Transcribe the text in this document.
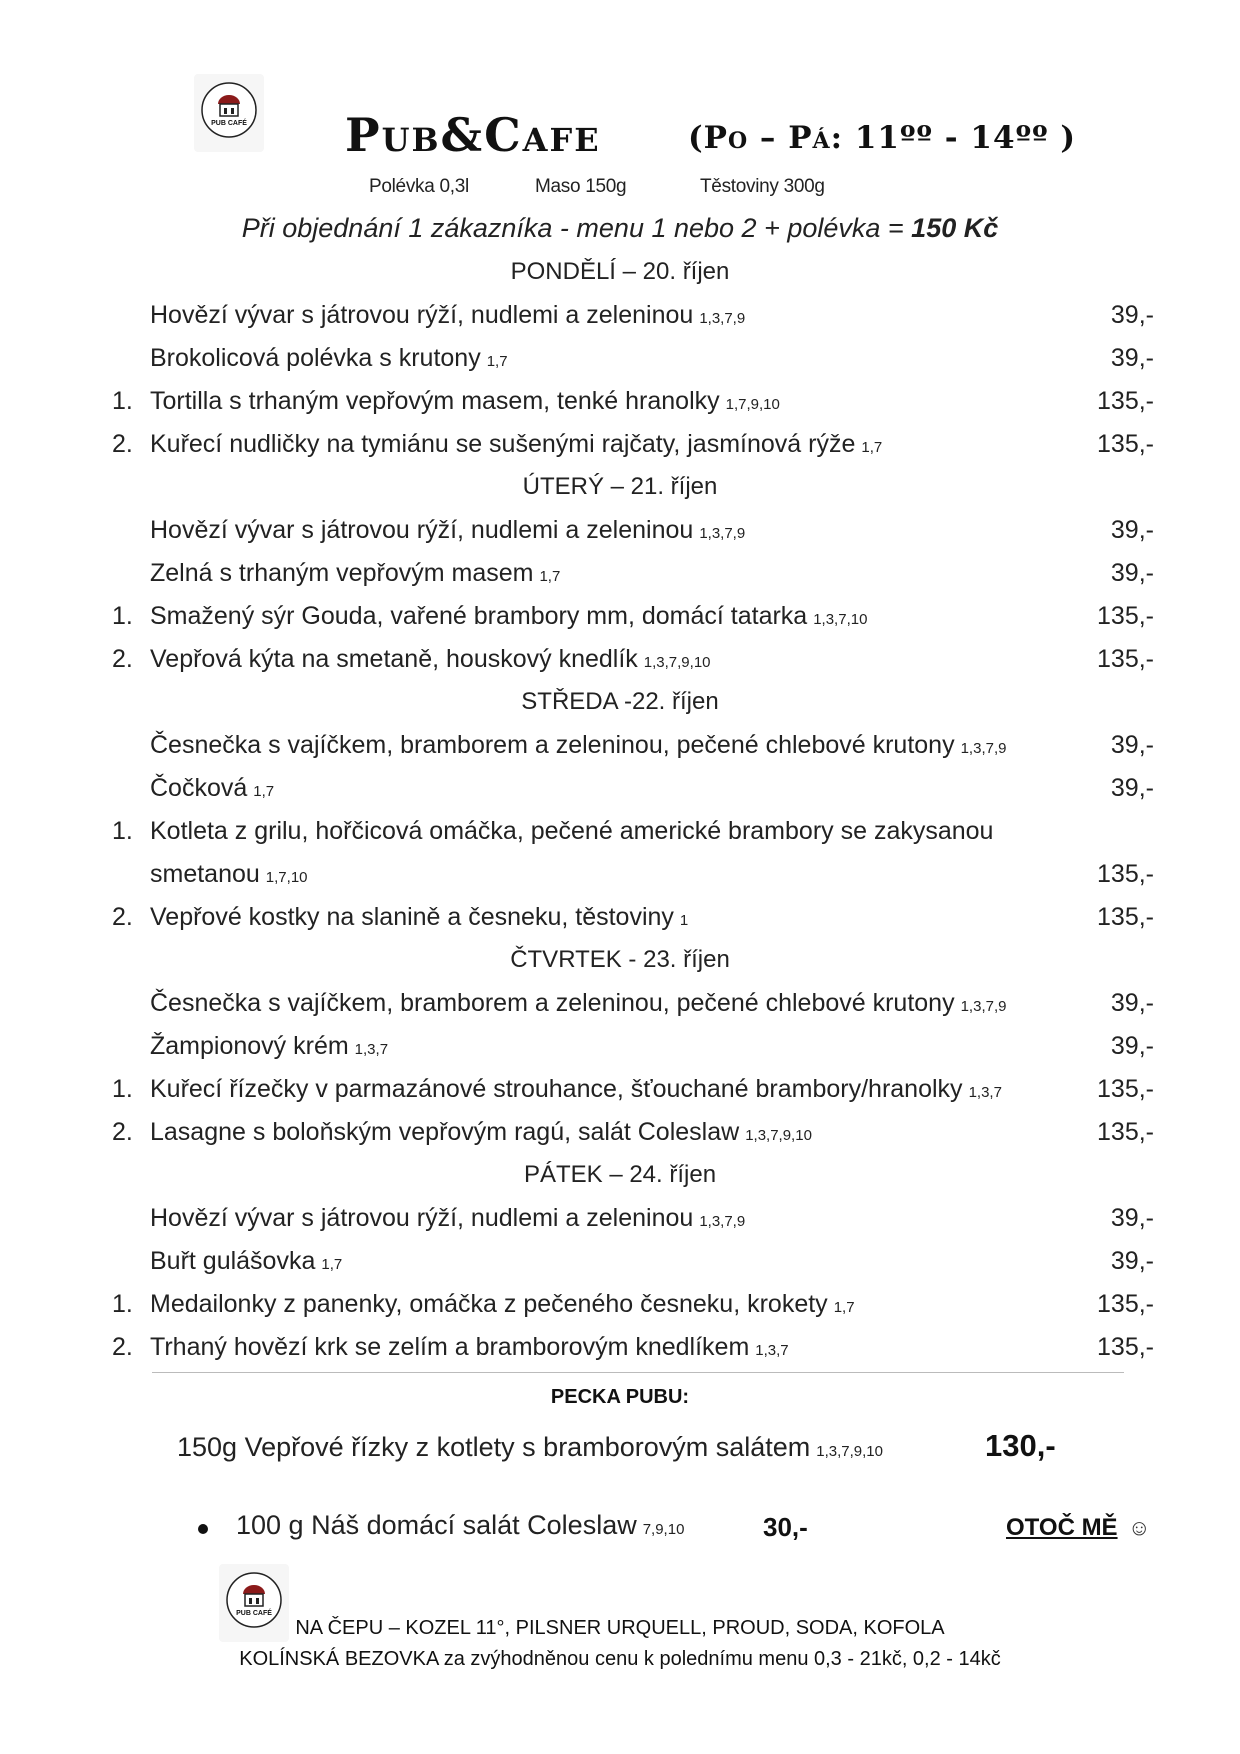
PUB CAFÉ Pub&Cafe	(Po – Pá: 11ºº - 14ºº )
Polévka 0,3l	Maso 150g	Těstoviny 300g
Při objednání 1 zákazníka - menu 1 nebo 2 + polévka = 150 Kč
PONDĚLÍ – 20. říjen
Hovězí vývar s játrovou rýží, nudlemi a zeleninou 1,3,7,9	39,-
Brokolicová polévka s krutony 1,7	39,-
1. Tortilla s trhaným vepřovým masem, tenké hranolky 1,7,9,10	135,-
2. Kuřecí nudličky na tymiánu se sušenými rajčaty, jasmínová rýže 1,7	135,-
ÚTERÝ – 21. říjen
Hovězí vývar s játrovou rýží, nudlemi a zeleninou 1,3,7,9	39,-
Zelná s trhaným vepřovým masem 1,7	39,-
1. Smažený sýr Gouda, vařené brambory mm, domácí tatarka 1,3,7,10	135,-
2. Vepřová kýta na smetaně, houskový knedlík 1,3,7,9,10	135,-
STŘEDA -22. říjen
Česnečka s vajíčkem, bramborem a zeleninou, pečené chlebové krutony 1,3,7,9	39,-
Čočková 1,7	39,-
1. Kotleta z grilu, hořčicová omáčka, pečené americké brambory se zakysanou
smetanou 1,7,10	135,-
2. Vepřové kostky na slanině a česneku, těstoviny 1	135,-
ČTVRTEK - 23. říjen
Česnečka s vajíčkem, bramborem a zeleninou, pečené chlebové krutony 1,3,7,9	39,-
Žampionový krém 1,3,7	39,-
1. Kuřecí řízečky v parmazánové strouhance, šťouchané brambory/hranolky 1,3,7	135,-
2. Lasagne s boloňským vepřovým ragú, salát Coleslaw 1,3,7,9,10	135,-
PÁTEK – 24. říjen
Hovězí vývar s játrovou rýží, nudlemi a zeleninou 1,3,7,9	39,-
Buřt gulášovka 1,7	39,-
1. Medailonky z panenky, omáčka z pečeného česneku, krokety 1,7	135,-
2. Trhaný hovězí krk se zelím a bramborovým knedlíkem 1,3,7	135,-
PECKA PUBU:
150g Vepřové řízky z kotlety s bramborovým salátem 1,3,7,9,10	130,-
100 g Náš domácí salát Coleslaw 7,9,10	30,-	OTOČ MĚ ☺
PUB CAFÉ
NA ČEPU – KOZEL 11°, PILSNER URQUELL, PROUD, SODA, KOFOLA
KOLÍNSKÁ BEZOVKA za zvýhodněnou cenu k polednímu menu 0,3 - 21kč, 0,2 - 14kč
